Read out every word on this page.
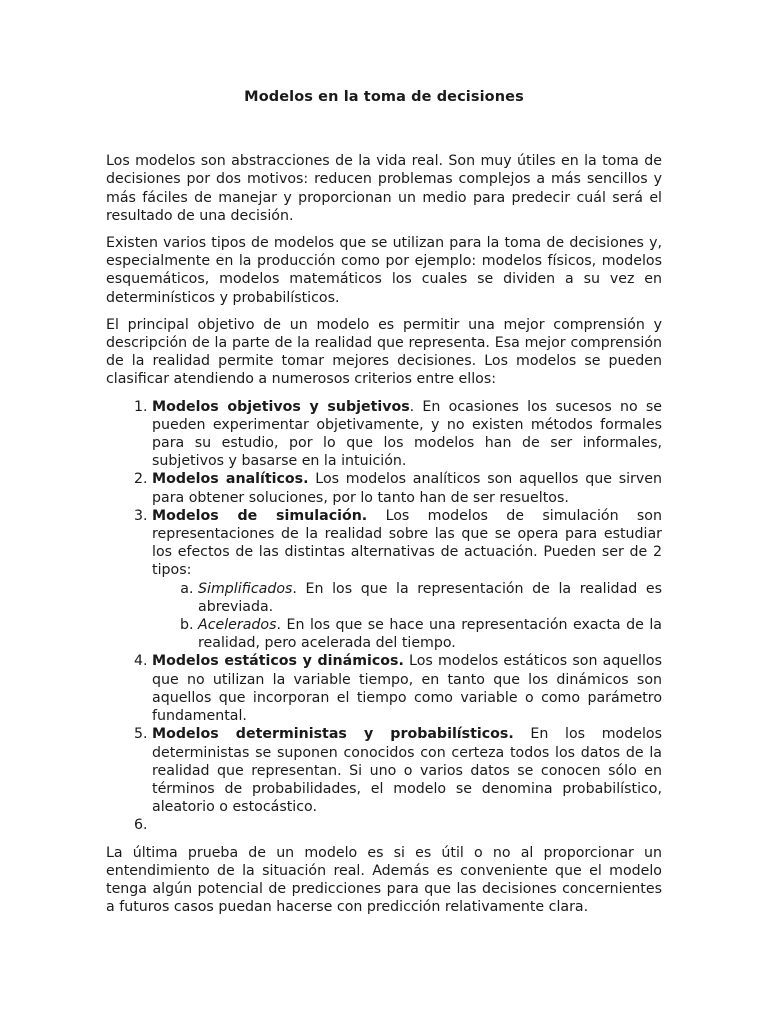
Modelos en la toma de decisiones

Los modelos son abstracciones de la vida real. Son muy útiles en la toma de decisiones por dos motivos: reducen problemas complejos a más sencillos y más fáciles de manejar y proporcionan un medio para predecir cuál será el resultado de una decisión.

Existen varios tipos de modelos que se utilizan para la toma de decisiones y, especialmente en la producción como por ejemplo: modelos físicos, modelos esquemáticos, modelos matemáticos los cuales se dividen a su vez en determinísticos y probabilísticos.

El principal objetivo de un modelo es permitir una mejor comprensión y descripción de la parte de la realidad que representa. Esa mejor comprensión de la realidad permite tomar mejores decisiones. Los modelos se pueden clasificar atendiendo a numerosos criterios entre ellos:

1. Modelos objetivos y subjetivos. En ocasiones los sucesos no se pueden experimentar objetivamente, y no existen métodos formales para su estudio, por lo que los modelos han de ser informales, subjetivos y basarse en la intuición.
2. Modelos analíticos. Los modelos analíticos son aquellos que sirven para obtener soluciones, por lo tanto han de ser resueltos.
3. Modelos de simulación. Los modelos de simulación son representaciones de la realidad sobre las que se opera para estudiar los efectos de las distintas alternativas de actuación. Pueden ser de 2 tipos:
a. Simplificados. En los que la representación de la realidad es abreviada.
b. Acelerados. En los que se hace una representación exacta de la realidad, pero acelerada del tiempo.
4. Modelos estáticos y dinámicos. Los modelos estáticos son aquellos que no utilizan la variable tiempo, en tanto que los dinámicos son aquellos que incorporan el tiempo como variable o como parámetro fundamental.
5. Modelos deterministas y probabilísticos. En los modelos deterministas se suponen conocidos con certeza todos los datos de la realidad que representan. Si uno o varios datos se conocen sólo en términos de probabilidades, el modelo se denomina probabilístico, aleatorio o estocástico.
6.

La última prueba de un modelo es si es útil o no al proporcionar un entendimiento de la situación real. Además es conveniente que el modelo tenga algún potencial de predicciones para que las decisiones concernientes a futuros casos puedan hacerse con predicción relativamente clara.
